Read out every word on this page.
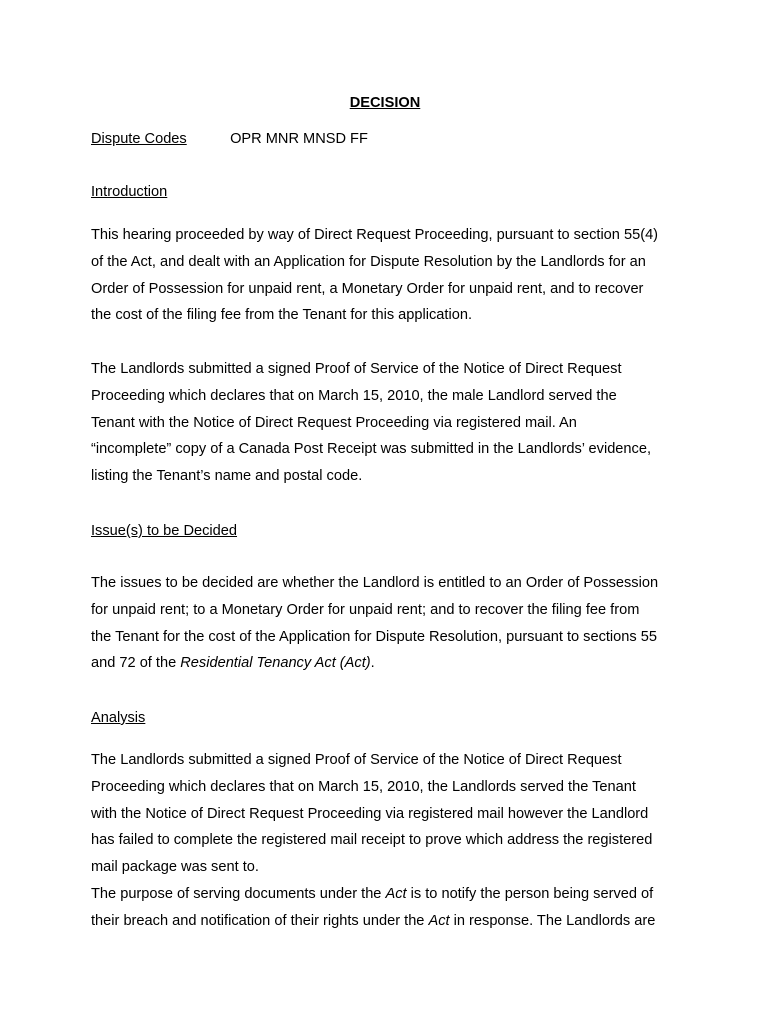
DECISION
Dispute Codes	OPR MNR MNSD FF
Introduction

This hearing proceeded by way of Direct Request Proceeding, pursuant to section 55(4)
of the Act, and dealt with an Application for Dispute Resolution by the Landlords for an
Order of Possession for unpaid rent, a Monetary Order for unpaid rent, and to recover
the cost of the filing fee from the Tenant for this application.

The Landlords submitted a signed Proof of Service of the Notice of Direct Request
Proceeding which declares that on March 15, 2010, the male Landlord served the
Tenant with the Notice of Direct Request Proceeding via registered mail. An
“incomplete” copy of a Canada Post Receipt was submitted in the Landlords’ evidence,
listing the Tenant’s name and postal code.

Issue(s) to be Decided

The issues to be decided are whether the Landlord is entitled to an Order of Possession
for unpaid rent; to a Monetary Order for unpaid rent; and to recover the filing fee from
the Tenant for the cost of the Application for Dispute Resolution, pursuant to sections 55
and 72 of the Residential Tenancy Act (Act).

Analysis

The Landlords submitted a signed Proof of Service of the Notice of Direct Request
Proceeding which declares that on March 15, 2010, the Landlords served the Tenant
with the Notice of Direct Request Proceeding via registered mail however the Landlord
has failed to complete the registered mail receipt to prove which address the registered
mail package was sent to.

The purpose of serving documents under the Act is to notify the person being served of
their breach and notification of their rights under the Act in response. The Landlords are
